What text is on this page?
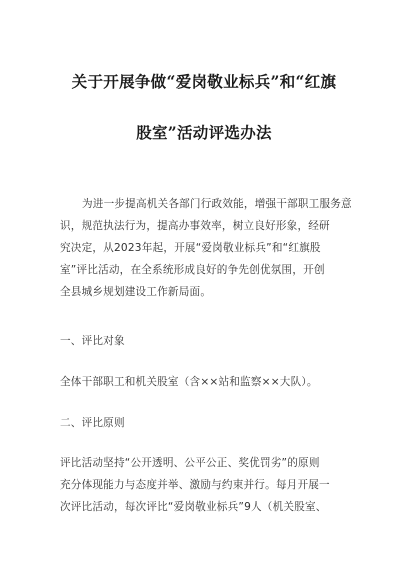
关于开展争做“爱岗敬业标兵”和“红旗
股室”活动评选办法
为进一步提高机关各部门行政效能，增强干部职工服务意
识，规范执法行为，提高办事效率，树立良好形象，经研
究决定，从2023年起，开展“爱岗敬业标兵”和“红旗股
室”评比活动，在全系统形成良好的争先创优氛围，开创
全县城乡规划建设工作新局面。

一、评比对象

全体干部职工和机关股室（含××站和监察××大队）。

二、评比原则

评比活动坚持“公开透明、公平公正、奖优罚劣”的原则
充分体现能力与态度并举、激励与约束并行。每月开展一
次评比活动，每次评比“爱岗敬业标兵”9人（机关股室、
